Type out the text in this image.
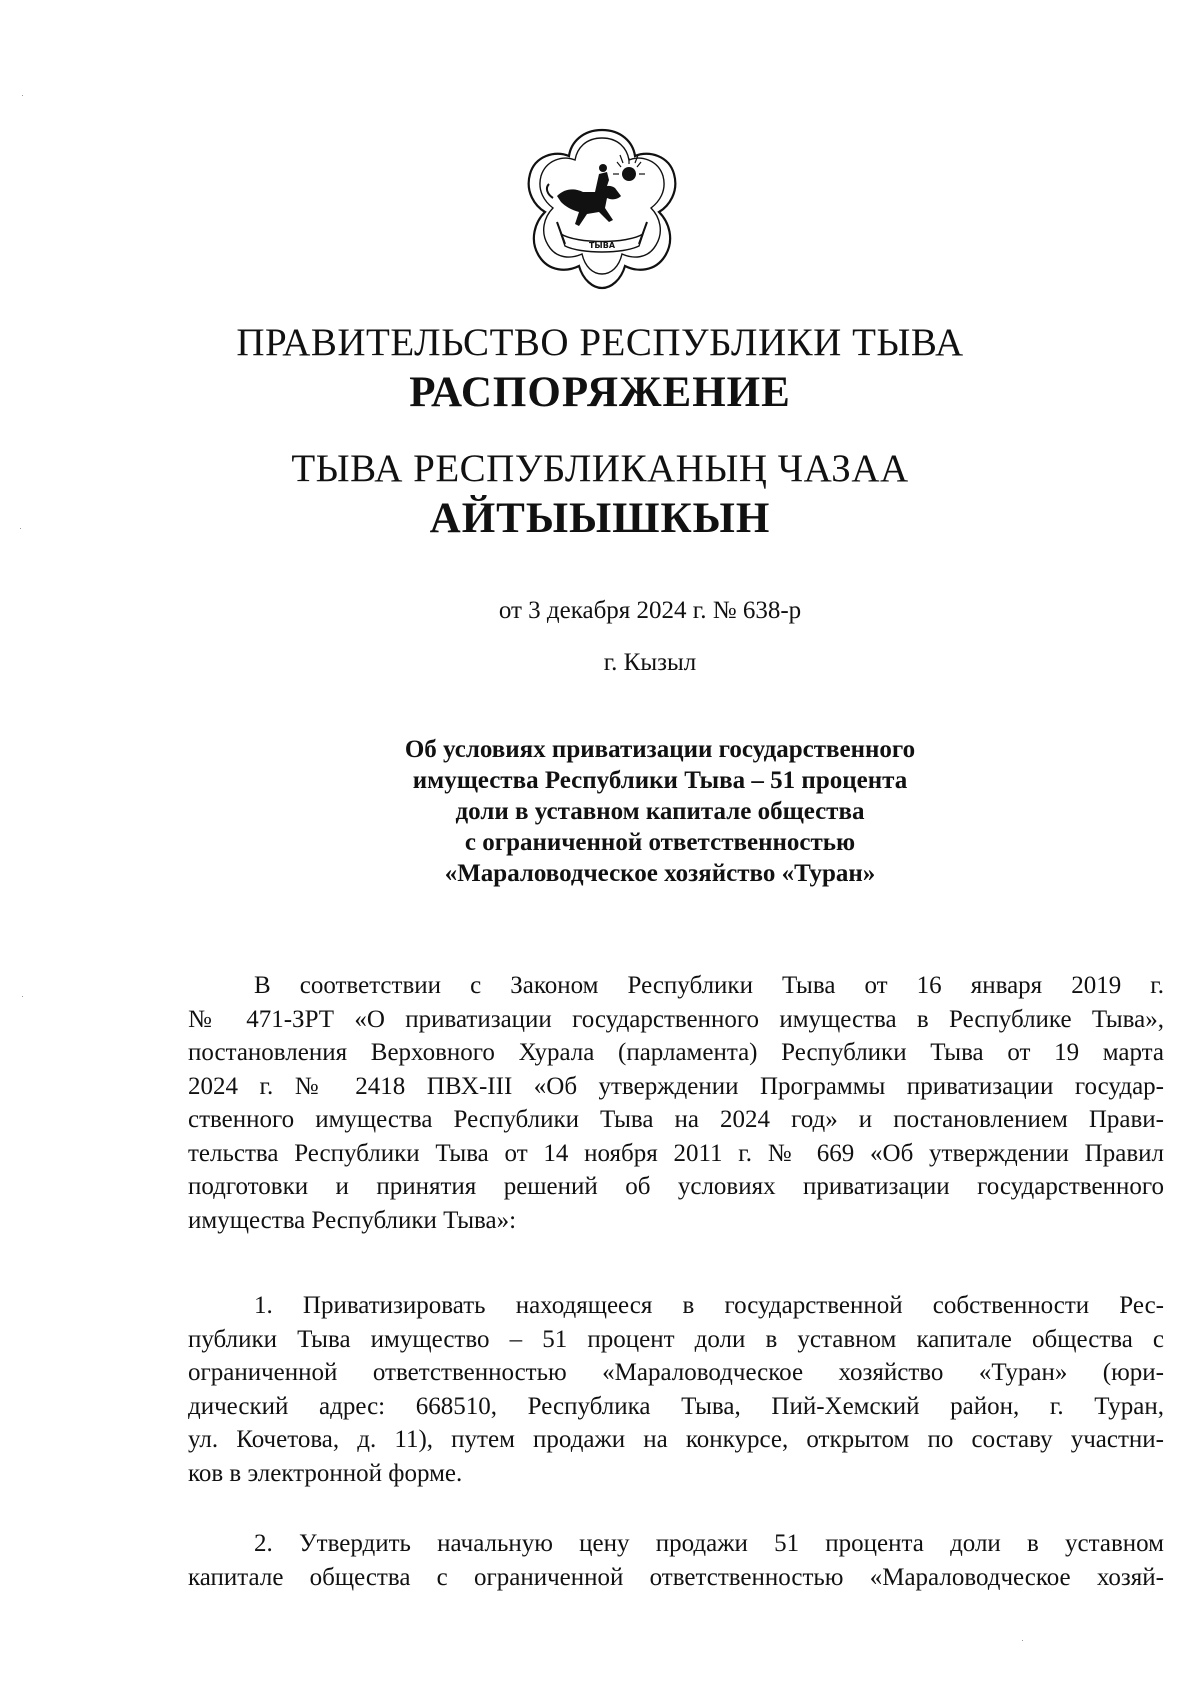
ТЫВА
ПРАВИТЕЛЬСТВО РЕСПУБЛИКИ ТЫВА
РАСПОРЯЖЕНИЕ
ТЫВА РЕСПУБЛИКАНЫҢ ЧАЗАА
АЙТЫЫШКЫН
от 3 декабря 2024 г. № 638-р
г. Кызыл
Об условиях приватизации государственного
имущества Республики Тыва – 51 процента
доли в уставном капитале общества
с ограниченной ответственностью
«Мараловодческое хозяйство «Туран»
В соответствии с Законом Республики Тыва от 16 января 2019 г.
№ 471-ЗРТ «О приватизации государственного имущества в Республике Тыва»,
постановления Верховного Хурала (парламента) Республики Тыва от 19 марта
2024 г. № 2418 ПВХ-III «Об утверждении Программы приватизации государ-
ственного имущества Республики Тыва на 2024 год» и постановлением Прави-
тельства Республики Тыва от 14 ноября 2011 г. № 669 «Об утверждении Правил
подготовки и принятия решений об условиях приватизации государственного
имущества Республики Тыва»:
1. Приватизировать находящееся в государственной собственности Рес-
публики Тыва имущество – 51 процент доли в уставном капитале общества с
ограниченной ответственностью «Мараловодческое хозяйство «Туран» (юри-
дический адрес: 668510, Республика Тыва, Пий-Хемский район, г. Туран,
ул. Кочетова, д. 11), путем продажи на конкурсе, открытом по составу участни-
ков в электронной форме.
2. Утвердить начальную цену продажи 51 процента доли в уставном
капитале общества с ограниченной ответственностью «Мараловодческое хозяй-
